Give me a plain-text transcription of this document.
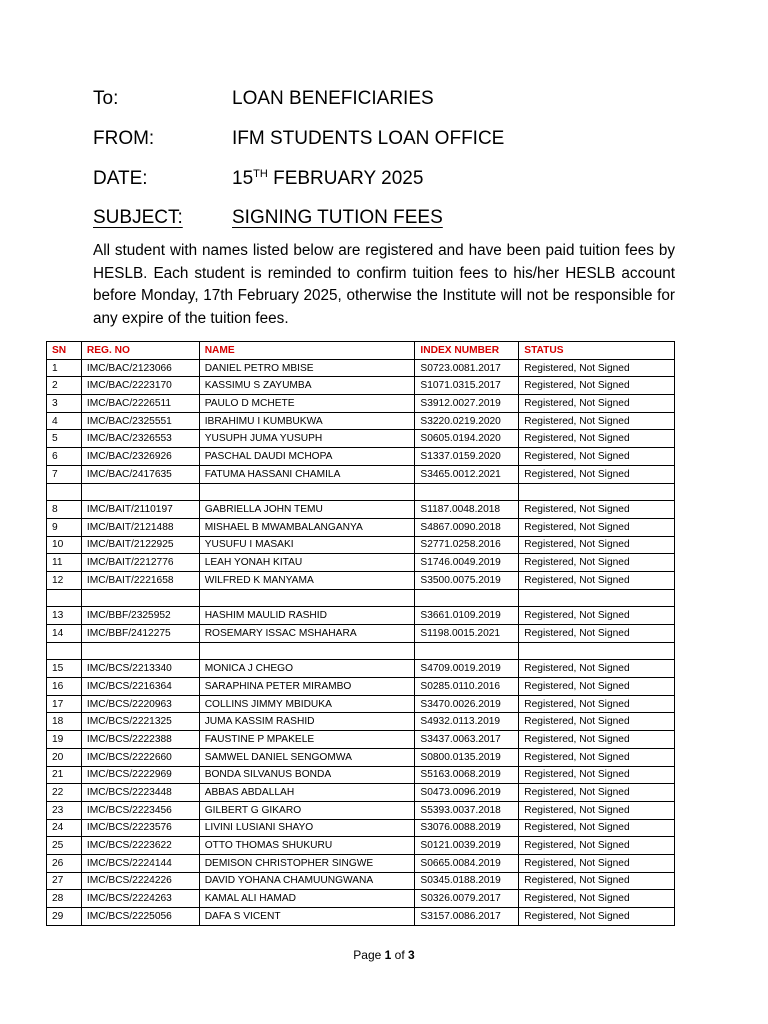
To:	LOAN BENEFICIARIES
FROM:	IFM STUDENTS LOAN OFFICE
DATE:	15TH FEBRUARY 2025
SUBJECT:	SIGNING TUTION FEES

All student with names listed below are registered and have been paid tuition fees by HESLB. Each student is reminded to confirm tuition fees to his/her HESLB account before Monday, 17th February 2025, otherwise the Institute will not be responsible for any expire of the tuition fees.

SN	REG. NO	NAME	INDEX NUMBER	STATUS
1	IMC/BAC/2123066	DANIEL PETRO MBISE	S0723.0081.2017	Registered, Not Signed
2	IMC/BAC/2223170	KASSIMU S ZAYUMBA	S1071.0315.2017	Registered, Not Signed
3	IMC/BAC/2226511	PAULO D MCHETE	S3912.0027.2019	Registered, Not Signed
4	IMC/BAC/2325551	IBRAHIMU I KUMBUKWA	S3220.0219.2020	Registered, Not Signed
5	IMC/BAC/2326553	YUSUPH JUMA YUSUPH	S0605.0194.2020	Registered, Not Signed
6	IMC/BAC/2326926	PASCHAL DAUDI MCHOPA	S1337.0159.2020	Registered, Not Signed
7	IMC/BAC/2417635	FATUMA HASSANI CHAMILA	S3465.0012.2021	Registered, Not Signed

8	IMC/BAIT/2110197	GABRIELLA JOHN TEMU	S1187.0048.2018	Registered, Not Signed
9	IMC/BAIT/2121488	MISHAEL B MWAMBALANGANYA	S4867.0090.2018	Registered, Not Signed
10	IMC/BAIT/2122925	YUSUFU I MASAKI	S2771.0258.2016	Registered, Not Signed
11	IMC/BAIT/2212776	LEAH YONAH KITAU	S1746.0049.2019	Registered, Not Signed
12	IMC/BAIT/2221658	WILFRED K MANYAMA	S3500.0075.2019	Registered, Not Signed

13	IMC/BBF/2325952	HASHIM MAULID RASHID	S3661.0109.2019	Registered, Not Signed
14	IMC/BBF/2412275	ROSEMARY ISSAC MSHAHARA	S1198.0015.2021	Registered, Not Signed

15	IMC/BCS/2213340	MONICA J CHEGO	S4709.0019.2019	Registered, Not Signed
16	IMC/BCS/2216364	SARAPHINA PETER MIRAMBO	S0285.0110.2016	Registered, Not Signed
17	IMC/BCS/2220963	COLLINS JIMMY MBIDUKA	S3470.0026.2019	Registered, Not Signed
18	IMC/BCS/2221325	JUMA KASSIM RASHID	S4932.0113.2019	Registered, Not Signed
19	IMC/BCS/2222388	FAUSTINE P MPAKELE	S3437.0063.2017	Registered, Not Signed
20	IMC/BCS/2222660	SAMWEL DANIEL SENGOMWA	S0800.0135.2019	Registered, Not Signed
21	IMC/BCS/2222969	BONDA SILVANUS BONDA	S5163.0068.2019	Registered, Not Signed
22	IMC/BCS/2223448	ABBAS ABDALLAH	S0473.0096.2019	Registered, Not Signed
23	IMC/BCS/2223456	GILBERT G GIKARO	S5393.0037.2018	Registered, Not Signed
24	IMC/BCS/2223576	LIVINI LUSIANI SHAYO	S3076.0088.2019	Registered, Not Signed
25	IMC/BCS/2223622	OTTO THOMAS SHUKURU	S0121.0039.2019	Registered, Not Signed
26	IMC/BCS/2224144	DEMISON CHRISTOPHER SINGWE	S0665.0084.2019	Registered, Not Signed
27	IMC/BCS/2224226	DAVID YOHANA CHAMUUNGWANA	S0345.0188.2019	Registered, Not Signed
28	IMC/BCS/2224263	KAMAL ALI HAMAD	S0326.0079.2017	Registered, Not Signed
29	IMC/BCS/2225056	DAFA S VICENT	S3157.0086.2017	Registered, Not Signed
Page 1 of 3
